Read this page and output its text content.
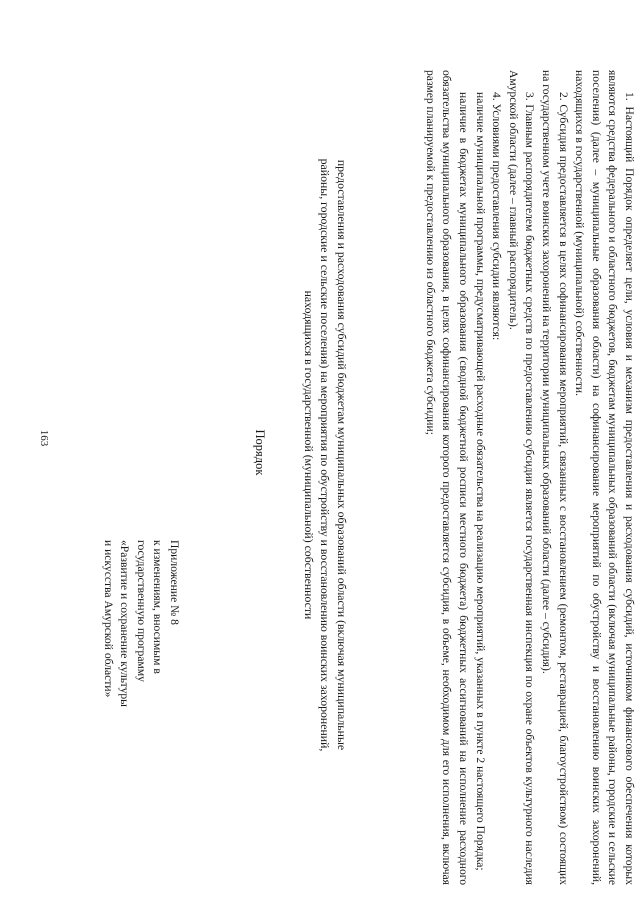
163
Приложение № 8
к изменениям, вносимым в
государственную программу
«Развитие и сохранение культуры
и искусства Амурской области»
Порядок	предоставления и расходования субсидий бюджетам муниципальных образований области (включая муниципальные
районы, городские и сельские поселения) на мероприятия по обустройству и восстановлению воинских захоронений,
находящихся в государственной (муниципальной) собственности	1. Настоящий Порядок определяет цели, условия и механизм предоставления и расходования субсидий, источником финансового обеспечения которых являются средства федерального и областного бюджетов, бюджетам муниципальных образований области (включая муниципальные районы, городские и сельские поселения) (далее – муниципальные образования области) на софинансирование мероприятий по обустройству и восстановлению воинских захоронений, находящихся в государственной (муниципальной) собственности.

2. Субсидия предоставляется в целях софинансирования мероприятий, связанных с восстановлением (ремонтом, реставрацией, благоустройством) состоящих на государственном учете воинских захоронений на территории муниципальных образований области (далее – субсидия).

3. Главным распорядителем бюджетных средств по предоставлению субсидии является государственная инспекция по охране объектов культурного наследия Амурской области (далее – главный распорядитель).

4. Условиями предоставления субсидии являются:

наличие муниципальной программы, предусматривающей расходные обязательства на реализацию мероприятий, указанных в пункте 2 настоящего Порядка;

наличие в бюджетах муниципального образования (сводной бюджетной росписи местного бюджета) бюджетных ассигнований на исполнение расходного обязательства муниципального образования, в целях софинансирования которого предоставляется субсидия, в объеме, необходимом для его исполнения, включая размер планируемой к предоставлению из областного бюджета субсидии;
